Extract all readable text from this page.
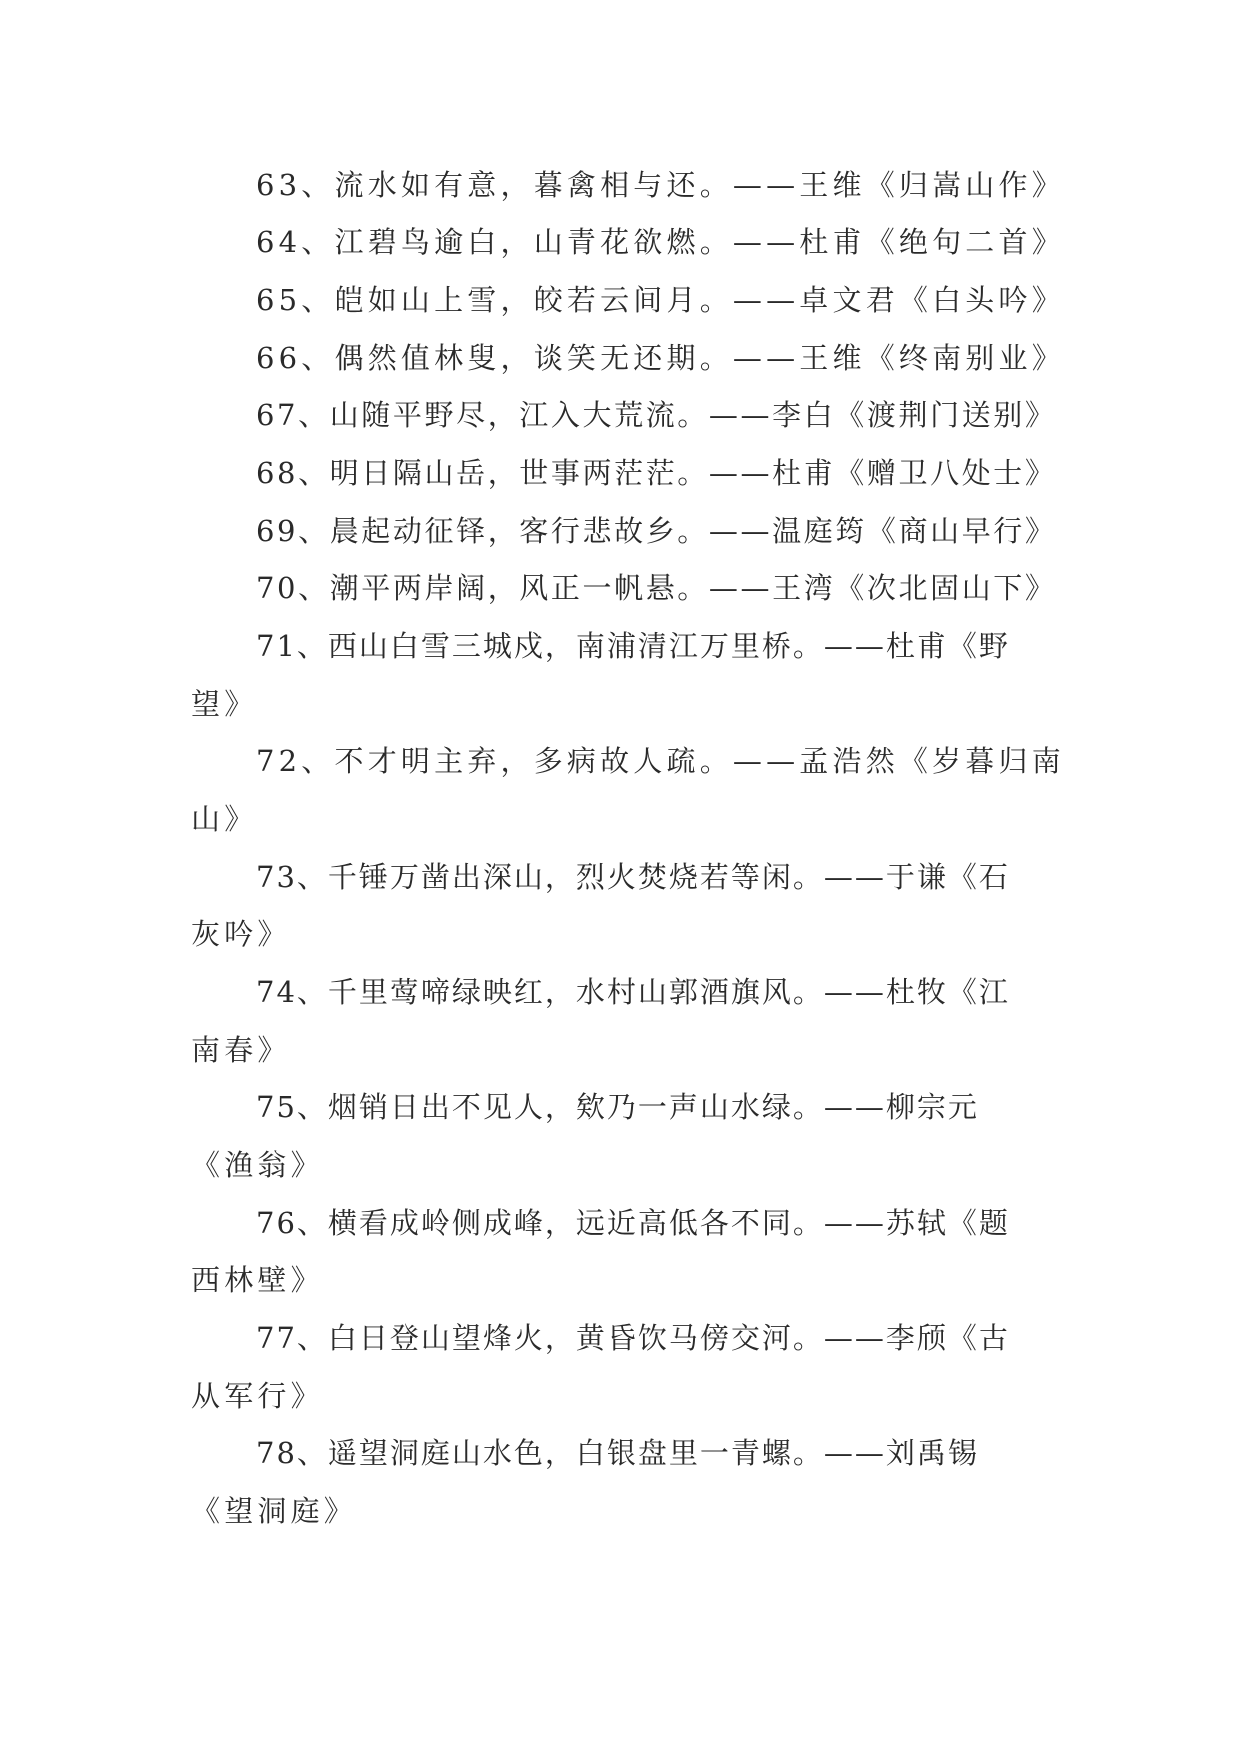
63、流水如有意，暮禽相与还。——王维《归嵩山作》
64、江碧鸟逾白，山青花欲燃。——杜甫《绝句二首》
65、皑如山上雪，皎若云间月。——卓文君《白头吟》
66、偶然值林叟，谈笑无还期。——王维《终南别业》
67、山随平野尽，江入大荒流。——李白《渡荆门送别》
68、明日隔山岳，世事两茫茫。——杜甫《赠卫八处士》
69、晨起动征铎，客行悲故乡。——温庭筠《商山早行》
70、潮平两岸阔，风正一帆悬。——王湾《次北固山下》
71、西山白雪三城戍，南浦清江万里桥。——杜甫《野
望》
72、不才明主弃，多病故人疏。——孟浩然《岁暮归南
山》
73、千锤万凿出深山，烈火焚烧若等闲。——于谦《石
灰吟》
74、千里莺啼绿映红，水村山郭酒旗风。——杜牧《江
南春》
75、烟销日出不见人，欸乃一声山水绿。——柳宗元
《渔翁》
76、横看成岭侧成峰，远近高低各不同。——苏轼《题
西林壁》
77、白日登山望烽火，黄昏饮马傍交河。——李颀《古
从军行》
78、遥望洞庭山水色，白银盘里一青螺。——刘禹锡
《望洞庭》
